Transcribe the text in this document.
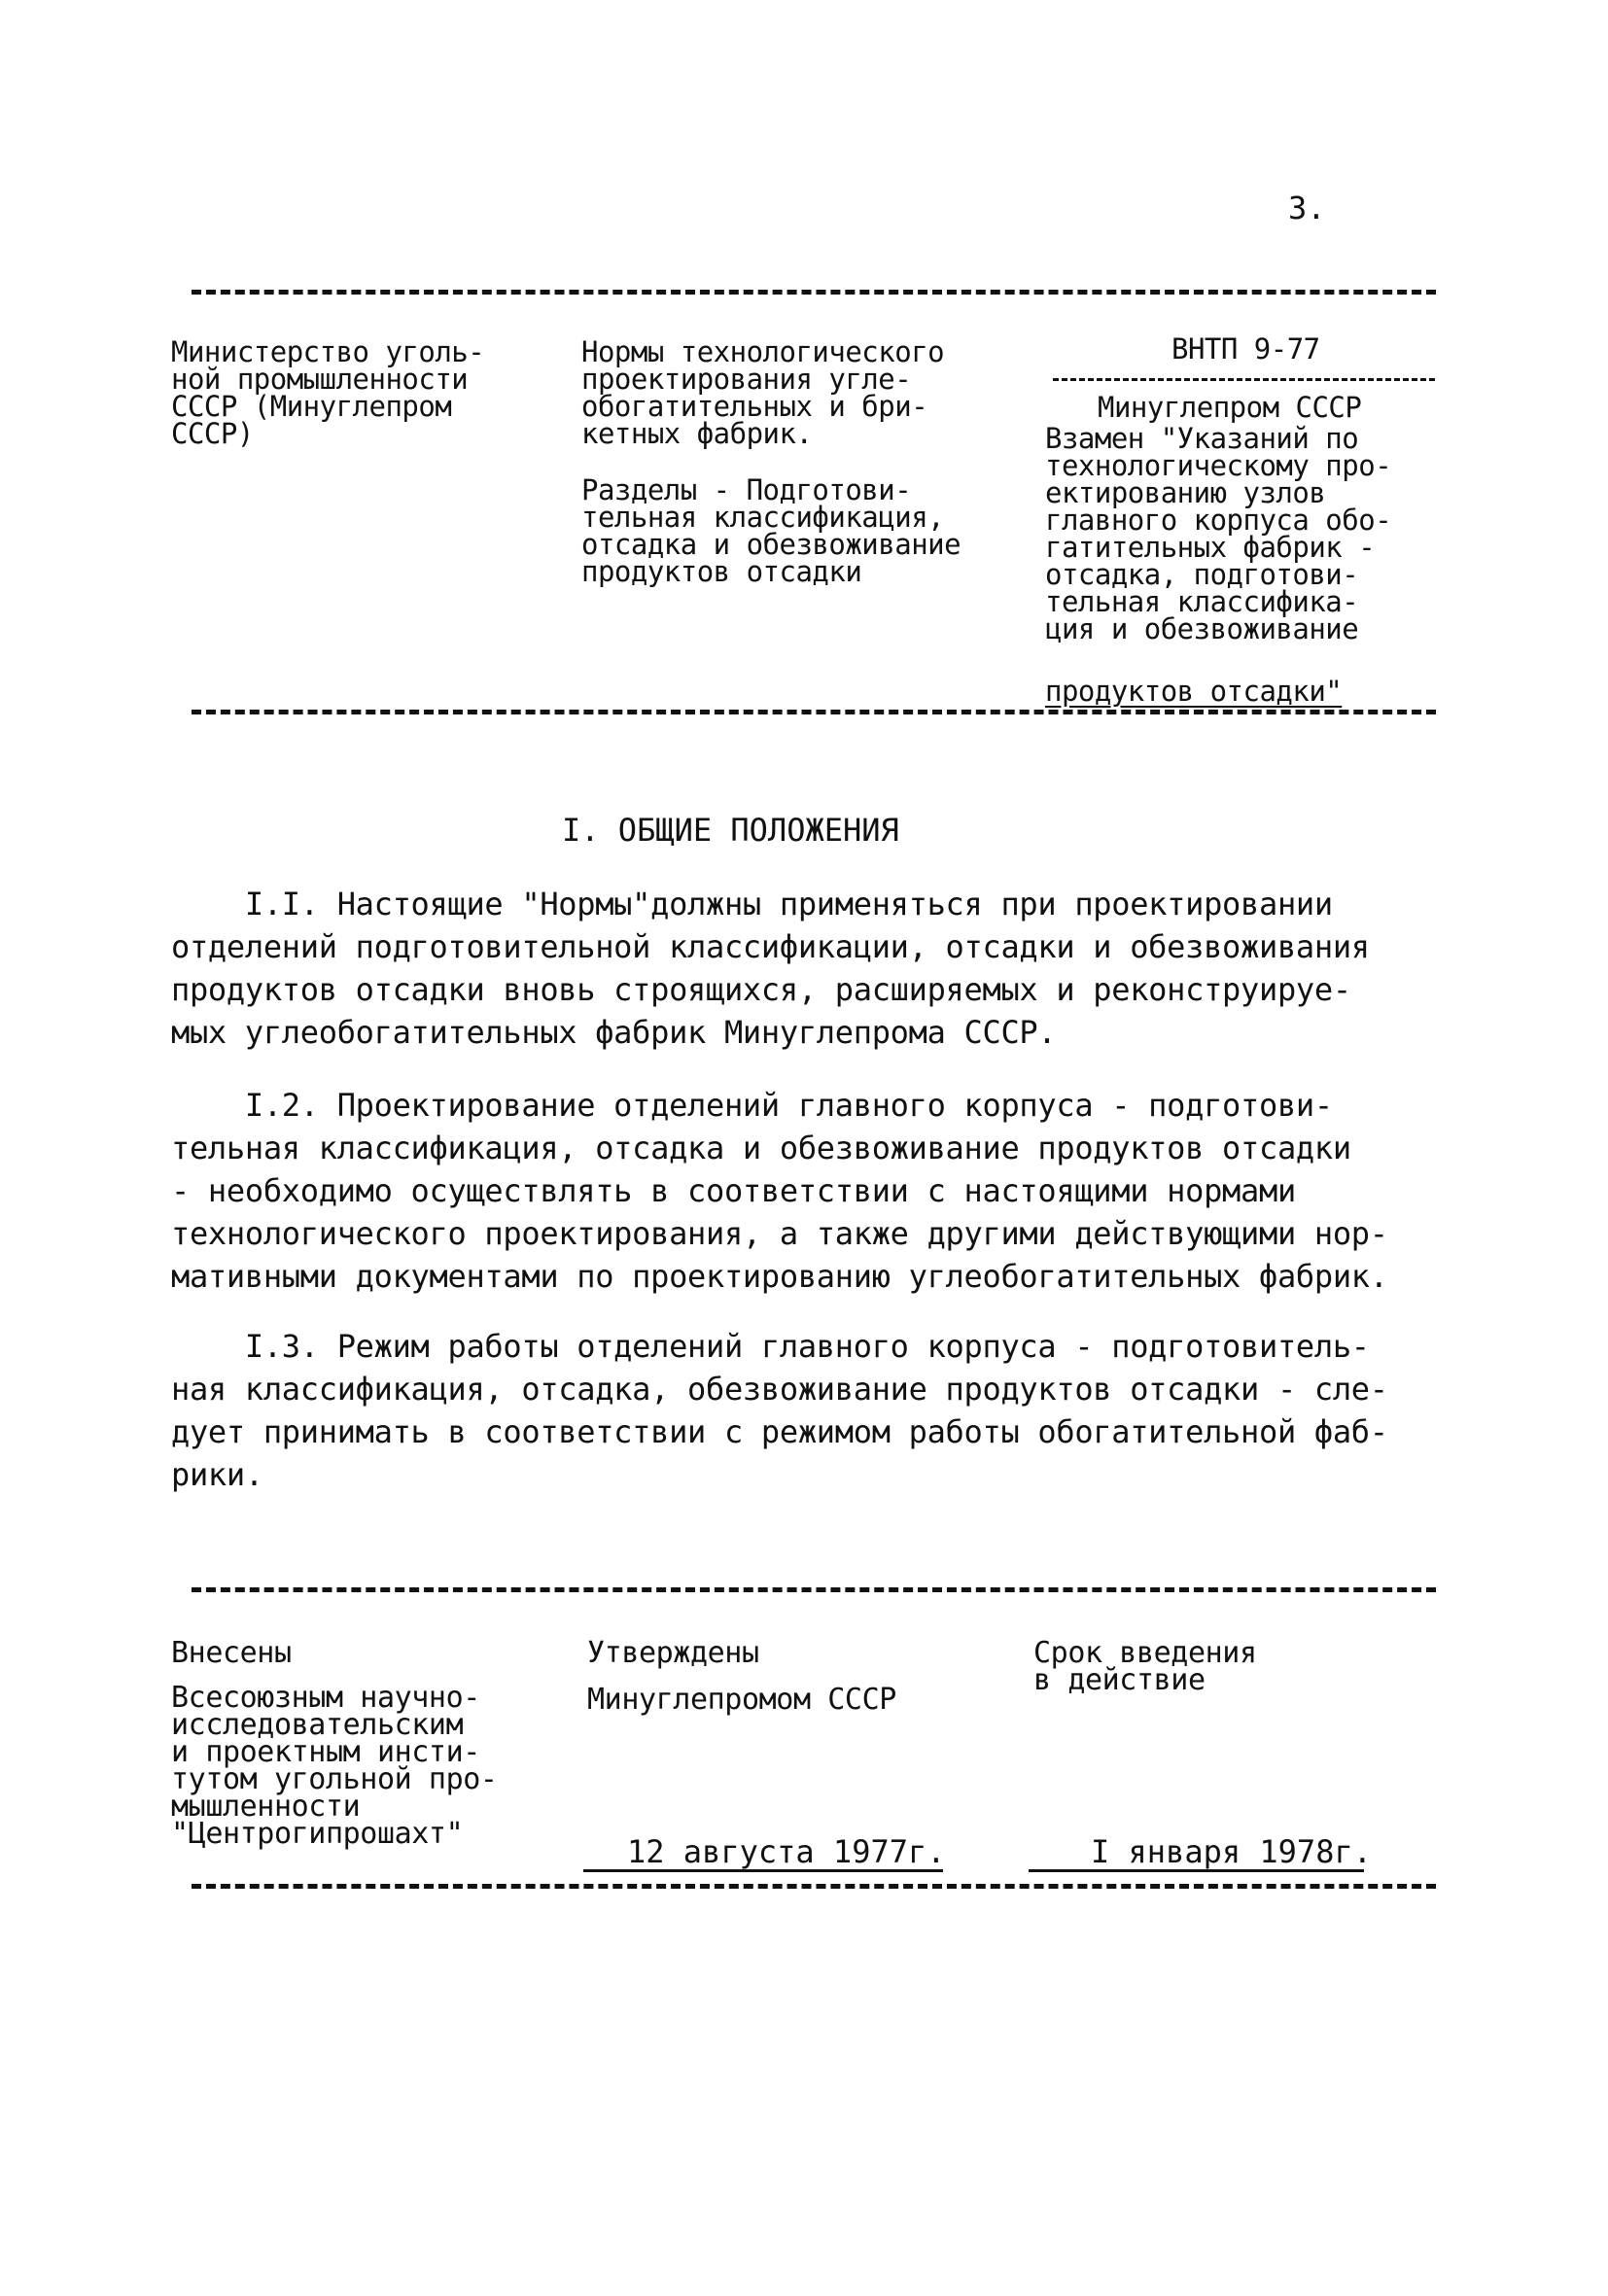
3.
Министерство уголь-
ной промышленности
СССР (Минуглепром
СССР)
Нормы технологического
проектирования угле-
обогатительных и бри-
кетных фабрик.
Разделы - Подготови-
тельная классификация,
отсадка и обезвоживание
продуктов отсадки
ВНТП 9-77
Минуглепром СССР
Взамен "Указаний по
технологическому про-
ектированию узлов
главного корпуса обо-
гатительных фабрик -
отсадка, подготови-
тельная классифика-
ция и обезвоживание
продуктов отсадки"
I. ОБЩИЕ ПОЛОЖЕНИЯ
I.I. Настоящие "Нормы"должны применяться при проектировании
отделений подготовительной классификации, отсадки и обезвоживания
продуктов отсадки вновь строящихся, расширяемых и реконструируе-
мых углеобогатительных фабрик Минуглепрома СССР.
I.2. Проектирование отделений главного корпуса - подготови-
тельная классификация, отсадка и обезвоживание продуктов отсадки
- необходимо осуществлять в соответствии с настоящими нормами
технологического проектирования, а также другими действующими нор-
мативными документами по проектированию углеобогатительных фабрик.
I.3. Режим работы отделений главного корпуса - подготовитель-
ная классификация, отсадка, обезвоживание продуктов отсадки - сле-
дует принимать в соответствии с режимом работы обогатительной фаб-
рики.
Внесены
Всесоюзным научно-
исследовательским
и проектным инсти-
тутом угольной про-
мышленности
"Центрогипрошахт"
Утверждены
Минуглепромом СССР
12 августа 1977г.
Срок введения
в действие
I января 1978г.
